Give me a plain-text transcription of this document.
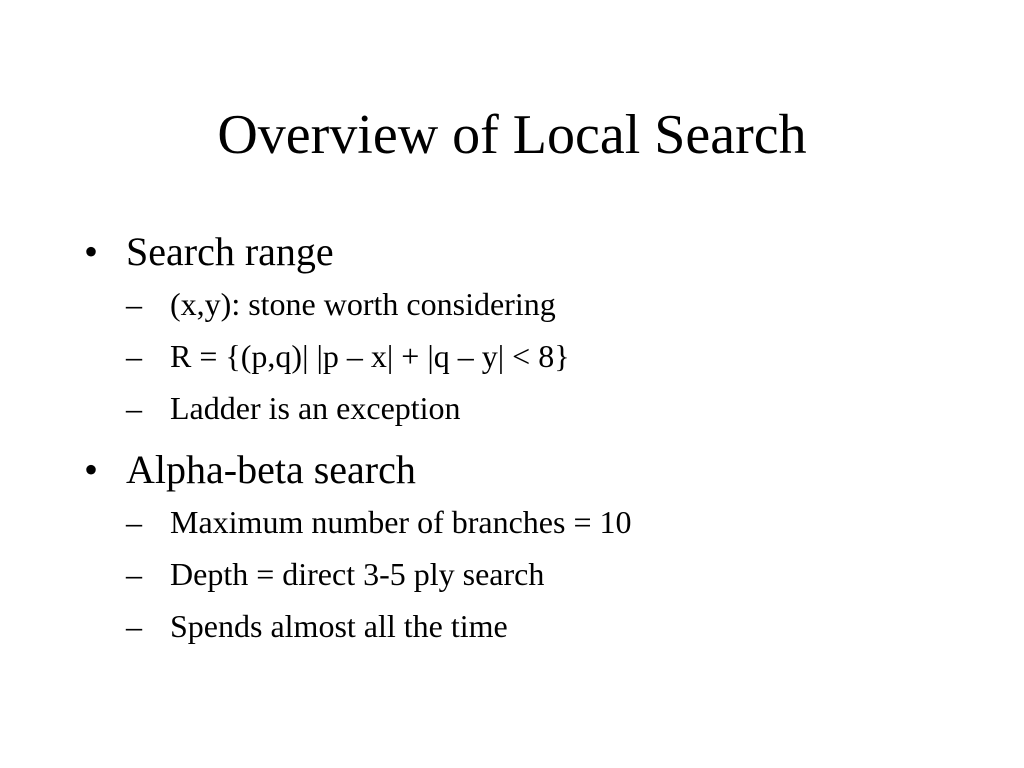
Overview of Local Search
• Search range
– (x,y): stone worth considering
– R = {(p,q)| |p – x| + |q – y| < 8}
– Ladder is an exception
• Alpha-beta search
– Maximum number of branches = 10
– Depth = direct 3-5 ply search
– Spends almost all the time
